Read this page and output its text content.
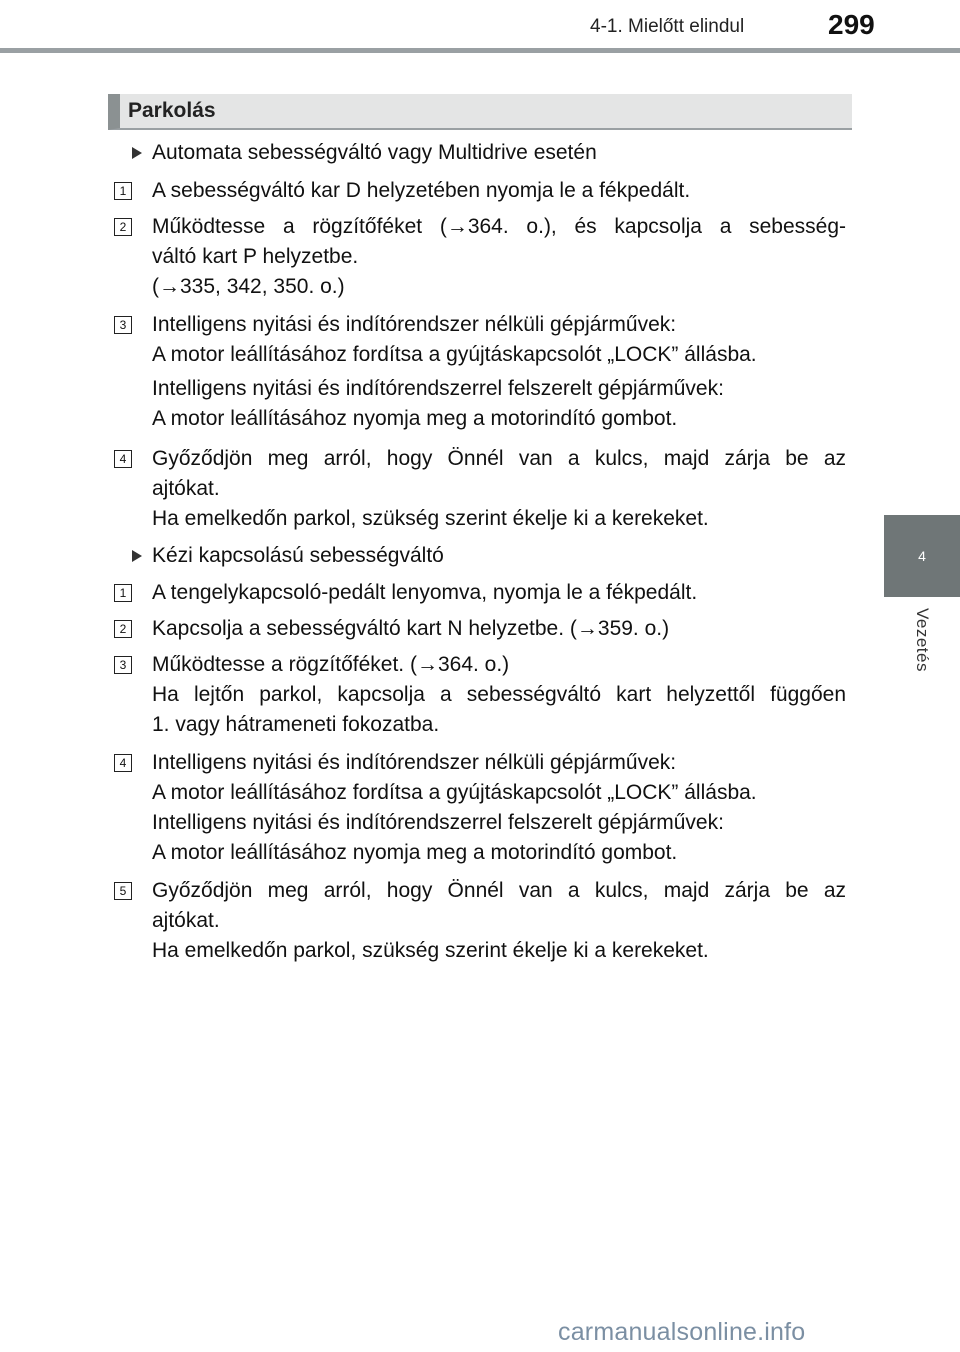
4-1. Mielőtt elindul	299
4
Vezetés
Parkolás
Automata sebességváltó vagy Multidrive esetén
1 A sebességváltó kar D helyzetében nyomja le a fékpedált.
2 Működtesse a rögzítőféket (→364. o.), és kapcsolja a sebesség-
váltó kart P helyzetbe.
(→335, 342, 350. o.)
3 Intelligens nyitási és indítórendszer nélküli gépjárművek:
A motor leállításához fordítsa a gyújtáskapcsolót „LOCK” állásba.
Intelligens nyitási és indítórendszerrel felszerelt gépjárművek:
A motor leállításához nyomja meg a motorindító gombot.
4 Győződjön meg arról, hogy Önnél van a kulcs, majd zárja be az
ajtókat.
Ha emelkedőn parkol, szükség szerint ékelje ki a kerekeket.
Kézi kapcsolású sebességváltó
1 A tengelykapcsoló-pedált lenyomva, nyomja le a fékpedált.
2 Kapcsolja a sebességváltó kart N helyzetbe. (→359. o.)
3 Működtesse a rögzítőféket. (→364. o.)
Ha lejtőn parkol, kapcsolja a sebességváltó kart helyzettől függően
1. vagy hátrameneti fokozatba.
4 Intelligens nyitási és indítórendszer nélküli gépjárművek:
A motor leállításához fordítsa a gyújtáskapcsolót „LOCK” állásba.
Intelligens nyitási és indítórendszerrel felszerelt gépjárművek:
A motor leállításához nyomja meg a motorindító gombot.
5 Győződjön meg arról, hogy Önnél van a kulcs, majd zárja be az
ajtókat.
Ha emelkedőn parkol, szükség szerint ékelje ki a kerekeket.
carmanualsonline.info
